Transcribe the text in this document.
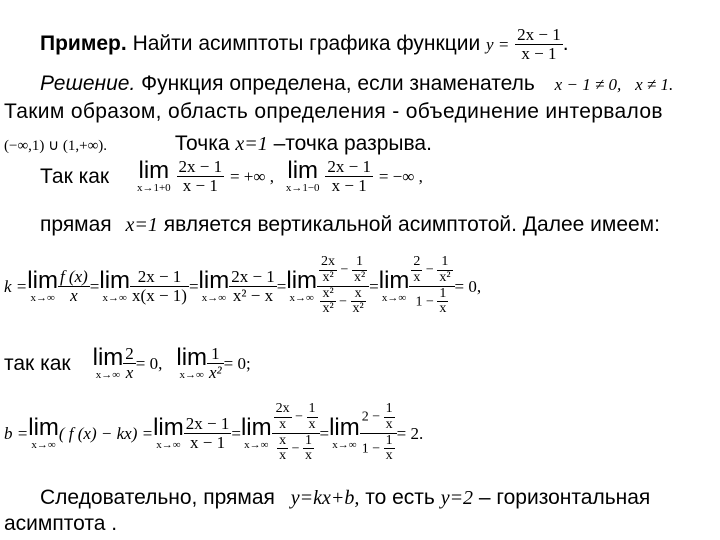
Пример. Найти асимптоты графика функции $y = \frac{2x - 1}{x - 1}$ .
Решение. Функция определена, если знаменатель x − 1 ≠ 0, x ≠ 1.
Таким образом, область определения - объединение интервалов
(−∞,1) ∪ (1,+∞).	Точка x=1 –точка разрыва.
Так как lim
x→1+0
$\frac{2x - 1}{x - 1}$ = +∞ , lim
x→1−0
$\frac{2x - 1}{x - 1}$ = −∞ ,
прямая x=1 является вертикальной асимптотой. Далее имеем:
k = lim
$x\to\infty \frac{f (x)}{x} = \lim$
$x\to\infty \frac{2x - 1}{x(x - 1)} = \lim$
$x\to\infty \frac{2x - 1}{\text{x² − x}} = \lim$
$x\to\infty \frac{\frac{2x}{\text{x²}} - \frac{1}{\text{x²}}}{\frac{\text{x²}}{\text{x²}} - \frac{x}{\text{x²}}} = \lim$
$x\to\infty \frac{\frac{2}{x} - \frac{1}{\text{x²}}}{1 - \frac{1}{x}} = 0$,
так как lim
$x\to\infty \frac{2}{x} = 0$, lim
$x\to\infty \frac{1}{\text{x²}} = 0$;
b = lim
x→∞
( f (x) − kx) = lim
$x\to\infty \frac{2x - 1}{x - 1} = \lim$
$x\to\infty \frac{\frac{2x}{x} - \frac{1}{x}}{\frac{x}{x} - \frac{1}{x}} = \lim$
$x\to\infty \frac{2 - \frac{1}{x}}{1 - \frac{1}{x}} = 2$.
Следовательно, прямая y=kx+b, то есть y=2 – горизонтальная
асимптота .
